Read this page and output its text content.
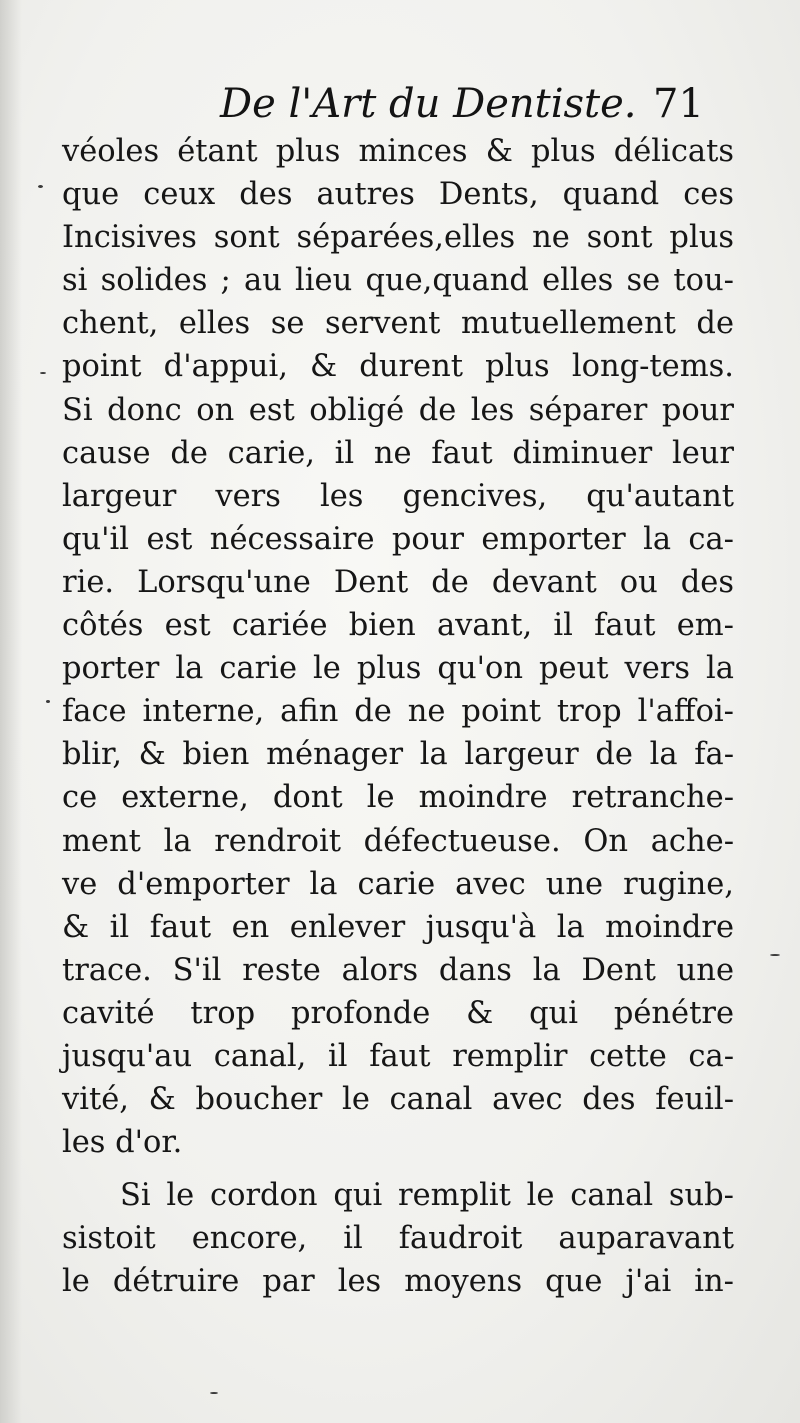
De l'Art du Dentiste. 71
véoles étant plus minces & plus délicats
que ceux des autres Dents, quand ces
Incisives sont séparées,elles ne sont plus
si solides ; au lieu que,quand elles se tou-
chent, elles se servent mutuellement de
point d'appui, & durent plus long-tems.
Si donc on est obligé de les séparer pour
cause de carie, il ne faut diminuer leur
largeur vers les gencives, qu'autant
qu'il est nécessaire pour emporter la ca-
rie. Lorsqu'une Dent de devant ou des
côtés est cariée bien avant, il faut em-
porter la carie le plus qu'on peut vers la
face interne, afin de ne point trop l'affoi-
blir, & bien ménager la largeur de la fa-
ce externe, dont le moindre retranche-
ment la rendroit défectueuse. On ache-
ve d'emporter la carie avec une rugine,
& il faut en enlever jusqu'à la moindre
trace. S'il reste alors dans la Dent une
cavité trop profonde & qui pénétre
jusqu'au canal, il faut remplir cette ca-
vité, & boucher le canal avec des feuil-
les d'or.
Si le cordon qui remplit le canal sub-
sistoit encore, il faudroit auparavant
le détruire par les moyens que j'ai in-
